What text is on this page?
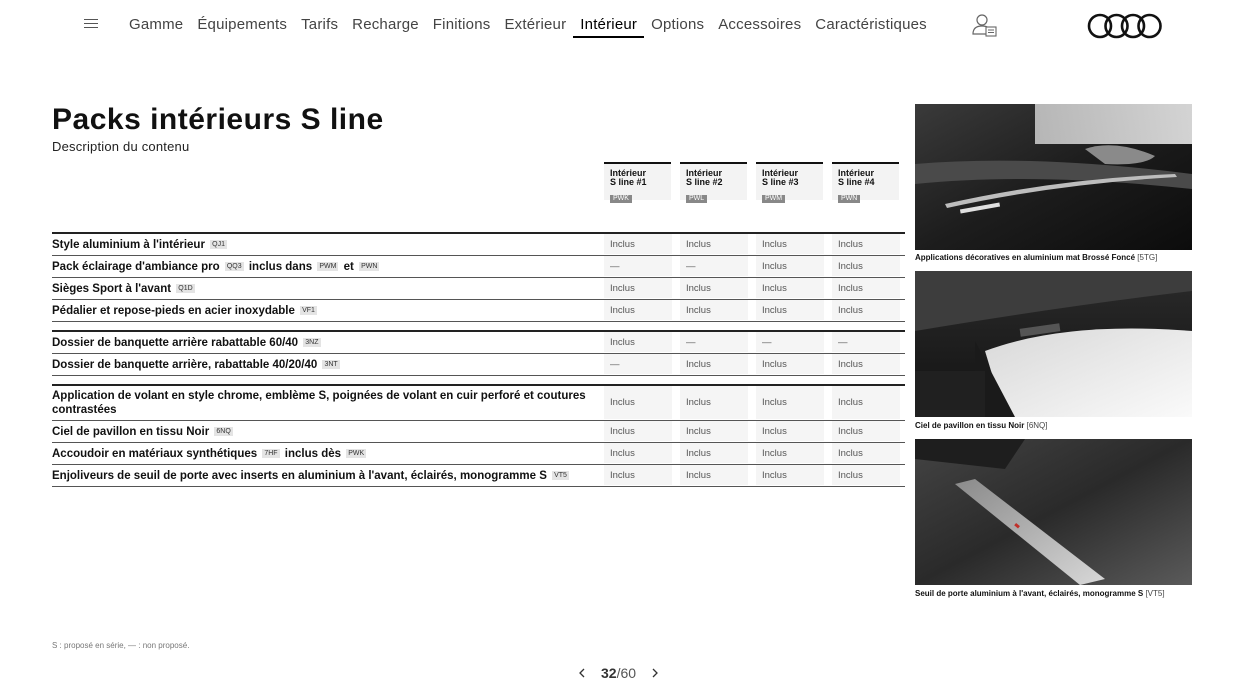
Gamme Équipements Tarifs Recharge Finitions Extérieur Intérieur Options Accessoires Caractéristiques
Packs intérieurs S line
Description du contenu
Intérieur
S line #1
PWK
Intérieur
S line #2
PWL
Intérieur
S line #3
PWM
Intérieur
S line #4
PWN
Style aluminium à l'intérieur QJ1	Inclus	Inclus	Inclus	Inclus
Pack éclairage d'ambiance pro QQ3 inclus dans PWM et PWN	—	—	Inclus	Inclus
Sièges Sport à l'avant Q1D	Inclus	Inclus	Inclus	Inclus
Pédalier et repose-pieds en acier inoxydable VF1	Inclus	Inclus	Inclus	Inclus
Dossier de banquette arrière rabattable 60/40 3NZ	Inclus	—	—	—
Dossier de banquette arrière, rabattable 40/20/40 3NT	—	Inclus	Inclus	Inclus
Application de volant en style chrome, emblème S, poignées de volant en cuir perforé et coutures contrastées
Inclus	Inclus	Inclus	Inclus
Ciel de pavillon en tissu Noir 6NQ	Inclus	Inclus	Inclus	Inclus
Accoudoir en matériaux synthétiques 7HF inclus dès PWK	Inclus	Inclus	Inclus	Inclus
Enjoliveurs de seuil de porte avec inserts en aluminium à l'avant, éclairés, monogramme S VT5	Inclus	Inclus	Inclus	Inclus
Applications décoratives en aluminium mat Brossé Foncé [5TG]
Ciel de pavillon en tissu Noir [6NQ]
Seuil de porte aluminium à l'avant, éclairés, monogramme S [VT5]
S : proposé en série, — : non proposé.
32 /60
